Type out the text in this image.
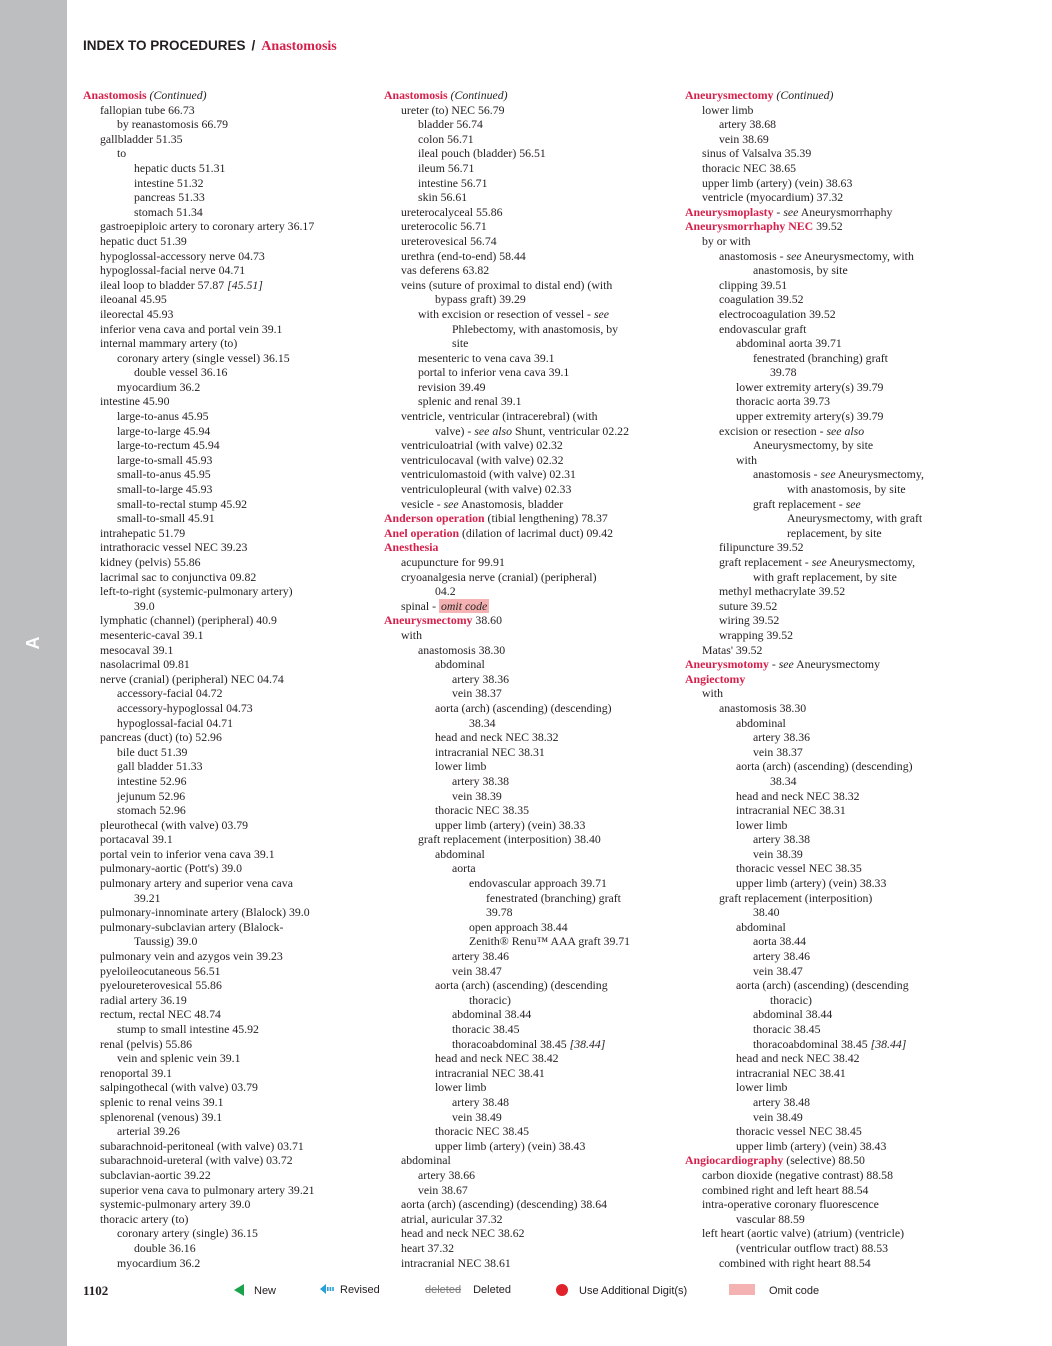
A
INDEX TO PROCEDURES / Anastomosis
Anastomosis (Continued)
fallopian tube 66.73
by reanastomosis 66.79
gallbladder 51.35
to
hepatic ducts 51.31
intestine 51.32
pancreas 51.33
stomach 51.34
gastroepiploic artery to coronary artery 36.17
hepatic duct 51.39
hypoglossal-accessory nerve 04.73
hypoglossal-facial nerve 04.71
ileal loop to bladder 57.87 [45.51]
ileoanal 45.95
ileorectal 45.93
inferior vena cava and portal vein 39.1
internal mammary artery (to)
coronary artery (single vessel) 36.15
double vessel 36.16
myocardium 36.2
intestine 45.90
large-to-anus 45.95
large-to-large 45.94
large-to-rectum 45.94
large-to-small 45.93
small-to-anus 45.95
small-to-large 45.93
small-to-rectal stump 45.92
small-to-small 45.91
intrahepatic 51.79
intrathoracic vessel NEC 39.23
kidney (pelvis) 55.86
lacrimal sac to conjunctiva 09.82
left-to-right (systemic-pulmonary artery)
39.0
lymphatic (channel) (peripheral) 40.9
mesenteric-caval 39.1
mesocaval 39.1
nasolacrimal 09.81
nerve (cranial) (peripheral) NEC 04.74
accessory-facial 04.72
accessory-hypoglossal 04.73
hypoglossal-facial 04.71
pancreas (duct) (to) 52.96
bile duct 51.39
gall bladder 51.33
intestine 52.96
jejunum 52.96
stomach 52.96
pleurothecal (with valve) 03.79
portacaval 39.1
portal vein to inferior vena cava 39.1
pulmonary-aortic (Pott's) 39.0
pulmonary artery and superior vena cava
39.21
pulmonary-innominate artery (Blalock) 39.0
pulmonary-subclavian artery (Blalock-
Taussig) 39.0
pulmonary vein and azygos vein 39.23
pyeloileocutaneous 56.51
pyeloureterovesical 55.86
radial artery 36.19
rectum, rectal NEC 48.74
stump to small intestine 45.92
renal (pelvis) 55.86
vein and splenic vein 39.1
renoportal 39.1
salpingothecal (with valve) 03.79
splenic to renal veins 39.1
splenorenal (venous) 39.1
arterial 39.26
subarachnoid-peritoneal (with valve) 03.71
subarachnoid-ureteral (with valve) 03.72
subclavian-aortic 39.22
superior vena cava to pulmonary artery 39.21
systemic-pulmonary artery 39.0
thoracic artery (to)
coronary artery (single) 36.15
double 36.16
myocardium 36.2
Anastomosis (Continued)
ureter (to) NEC 56.79
bladder 56.74
colon 56.71
ileal pouch (bladder) 56.51
ileum 56.71
intestine 56.71
skin 56.61
ureterocalyceal 55.86
ureterocolic 56.71
ureterovesical 56.74
urethra (end-to-end) 58.44
vas deferens 63.82
veins (suture of proximal to distal end) (with
bypass graft) 39.29
with excision or resection of vessel - see
Phlebectomy, with anastomosis, by
site
mesenteric to vena cava 39.1
portal to inferior vena cava 39.1
revision 39.49
splenic and renal 39.1
ventricle, ventricular (intracerebral) (with
valve) - see also Shunt, ventricular 02.22
ventriculoatrial (with valve) 02.32
ventriculocaval (with valve) 02.32
ventriculomastoid (with valve) 02.31
ventriculopleural (with valve) 02.33
vesicle - see Anastomosis, bladder
Anderson operation (tibial lengthening) 78.37
Anel operation (dilation of lacrimal duct) 09.42
Anesthesia
acupuncture for 99.91
cryoanalgesia nerve (cranial) (peripheral)
04.2
spinal - omit code
Aneurysmectomy 38.60
with
anastomosis 38.30
abdominal
artery 38.36
vein 38.37
aorta (arch) (ascending) (descending)
38.34
head and neck NEC 38.32
intracranial NEC 38.31
lower limb
artery 38.38
vein 38.39
thoracic NEC 38.35
upper limb (artery) (vein) 38.33
graft replacement (interposition) 38.40
abdominal
aorta
endovascular approach 39.71
fenestrated (branching) graft
39.78
open approach 38.44
Zenith® Renu™ AAA graft 39.71
artery 38.46
vein 38.47
aorta (arch) (ascending) (descending
thoracic)
abdominal 38.44
thoracic 38.45
thoracoabdominal 38.45 [38.44]
head and neck NEC 38.42
intracranial NEC 38.41
lower limb
artery 38.48
vein 38.49
thoracic NEC 38.45
upper limb (artery) (vein) 38.43
abdominal
artery 38.66
vein 38.67
aorta (arch) (ascending) (descending) 38.64
atrial, auricular 37.32
head and neck NEC 38.62
heart 37.32
intracranial NEC 38.61
Aneurysmectomy (Continued)
lower limb
artery 38.68
vein 38.69
sinus of Valsalva 35.39
thoracic NEC 38.65
upper limb (artery) (vein) 38.63
ventricle (myocardium) 37.32
Aneurysmoplasty - see Aneurysmorrhaphy
Aneurysmorrhaphy NEC 39.52
by or with
anastomosis - see Aneurysmectomy, with
anastomosis, by site
clipping 39.51
coagulation 39.52
electrocoagulation 39.52
endovascular graft
abdominal aorta 39.71
fenestrated (branching) graft
39.78
lower extremity artery(s) 39.79
thoracic aorta 39.73
upper extremity artery(s) 39.79
excision or resection - see also
Aneurysmectomy, by site
with
anastomosis - see Aneurysmectomy,
with anastomosis, by site
graft replacement - see
Aneurysmectomy, with graft
replacement, by site
filipuncture 39.52
graft replacement - see Aneurysmectomy,
with graft replacement, by site
methyl methacrylate 39.52
suture 39.52
wiring 39.52
wrapping 39.52
Matas' 39.52
Aneurysmotomy - see Aneurysmectomy
Angiectomy
with
anastomosis 38.30
abdominal
artery 38.36
vein 38.37
aorta (arch) (ascending) (descending)
38.34
head and neck NEC 38.32
intracranial NEC 38.31
lower limb
artery 38.38
vein 38.39
thoracic vessel NEC 38.35
upper limb (artery) (vein) 38.33
graft replacement (interposition)
38.40
abdominal
aorta 38.44
artery 38.46
vein 38.47
aorta (arch) (ascending) (descending
thoracic)
abdominal 38.44
thoracic 38.45
thoracoabdominal 38.45 [38.44]
head and neck NEC 38.42
intracranial NEC 38.41
lower limb
artery 38.48
vein 38.49
thoracic vessel NEC 38.45
upper limb (artery) (vein) 38.43
Angiocardiography (selective) 88.50
carbon dioxide (negative contrast) 88.58
combined right and left heart 88.54
intra-operative coronary fluorescence
vascular 88.59
left heart (aortic valve) (atrium) (ventricle)
(ventricular outflow tract) 88.53
combined with right heart 88.54
1102	New	Revised	deleted Deleted	Use Additional Digit(s)	Omit code
